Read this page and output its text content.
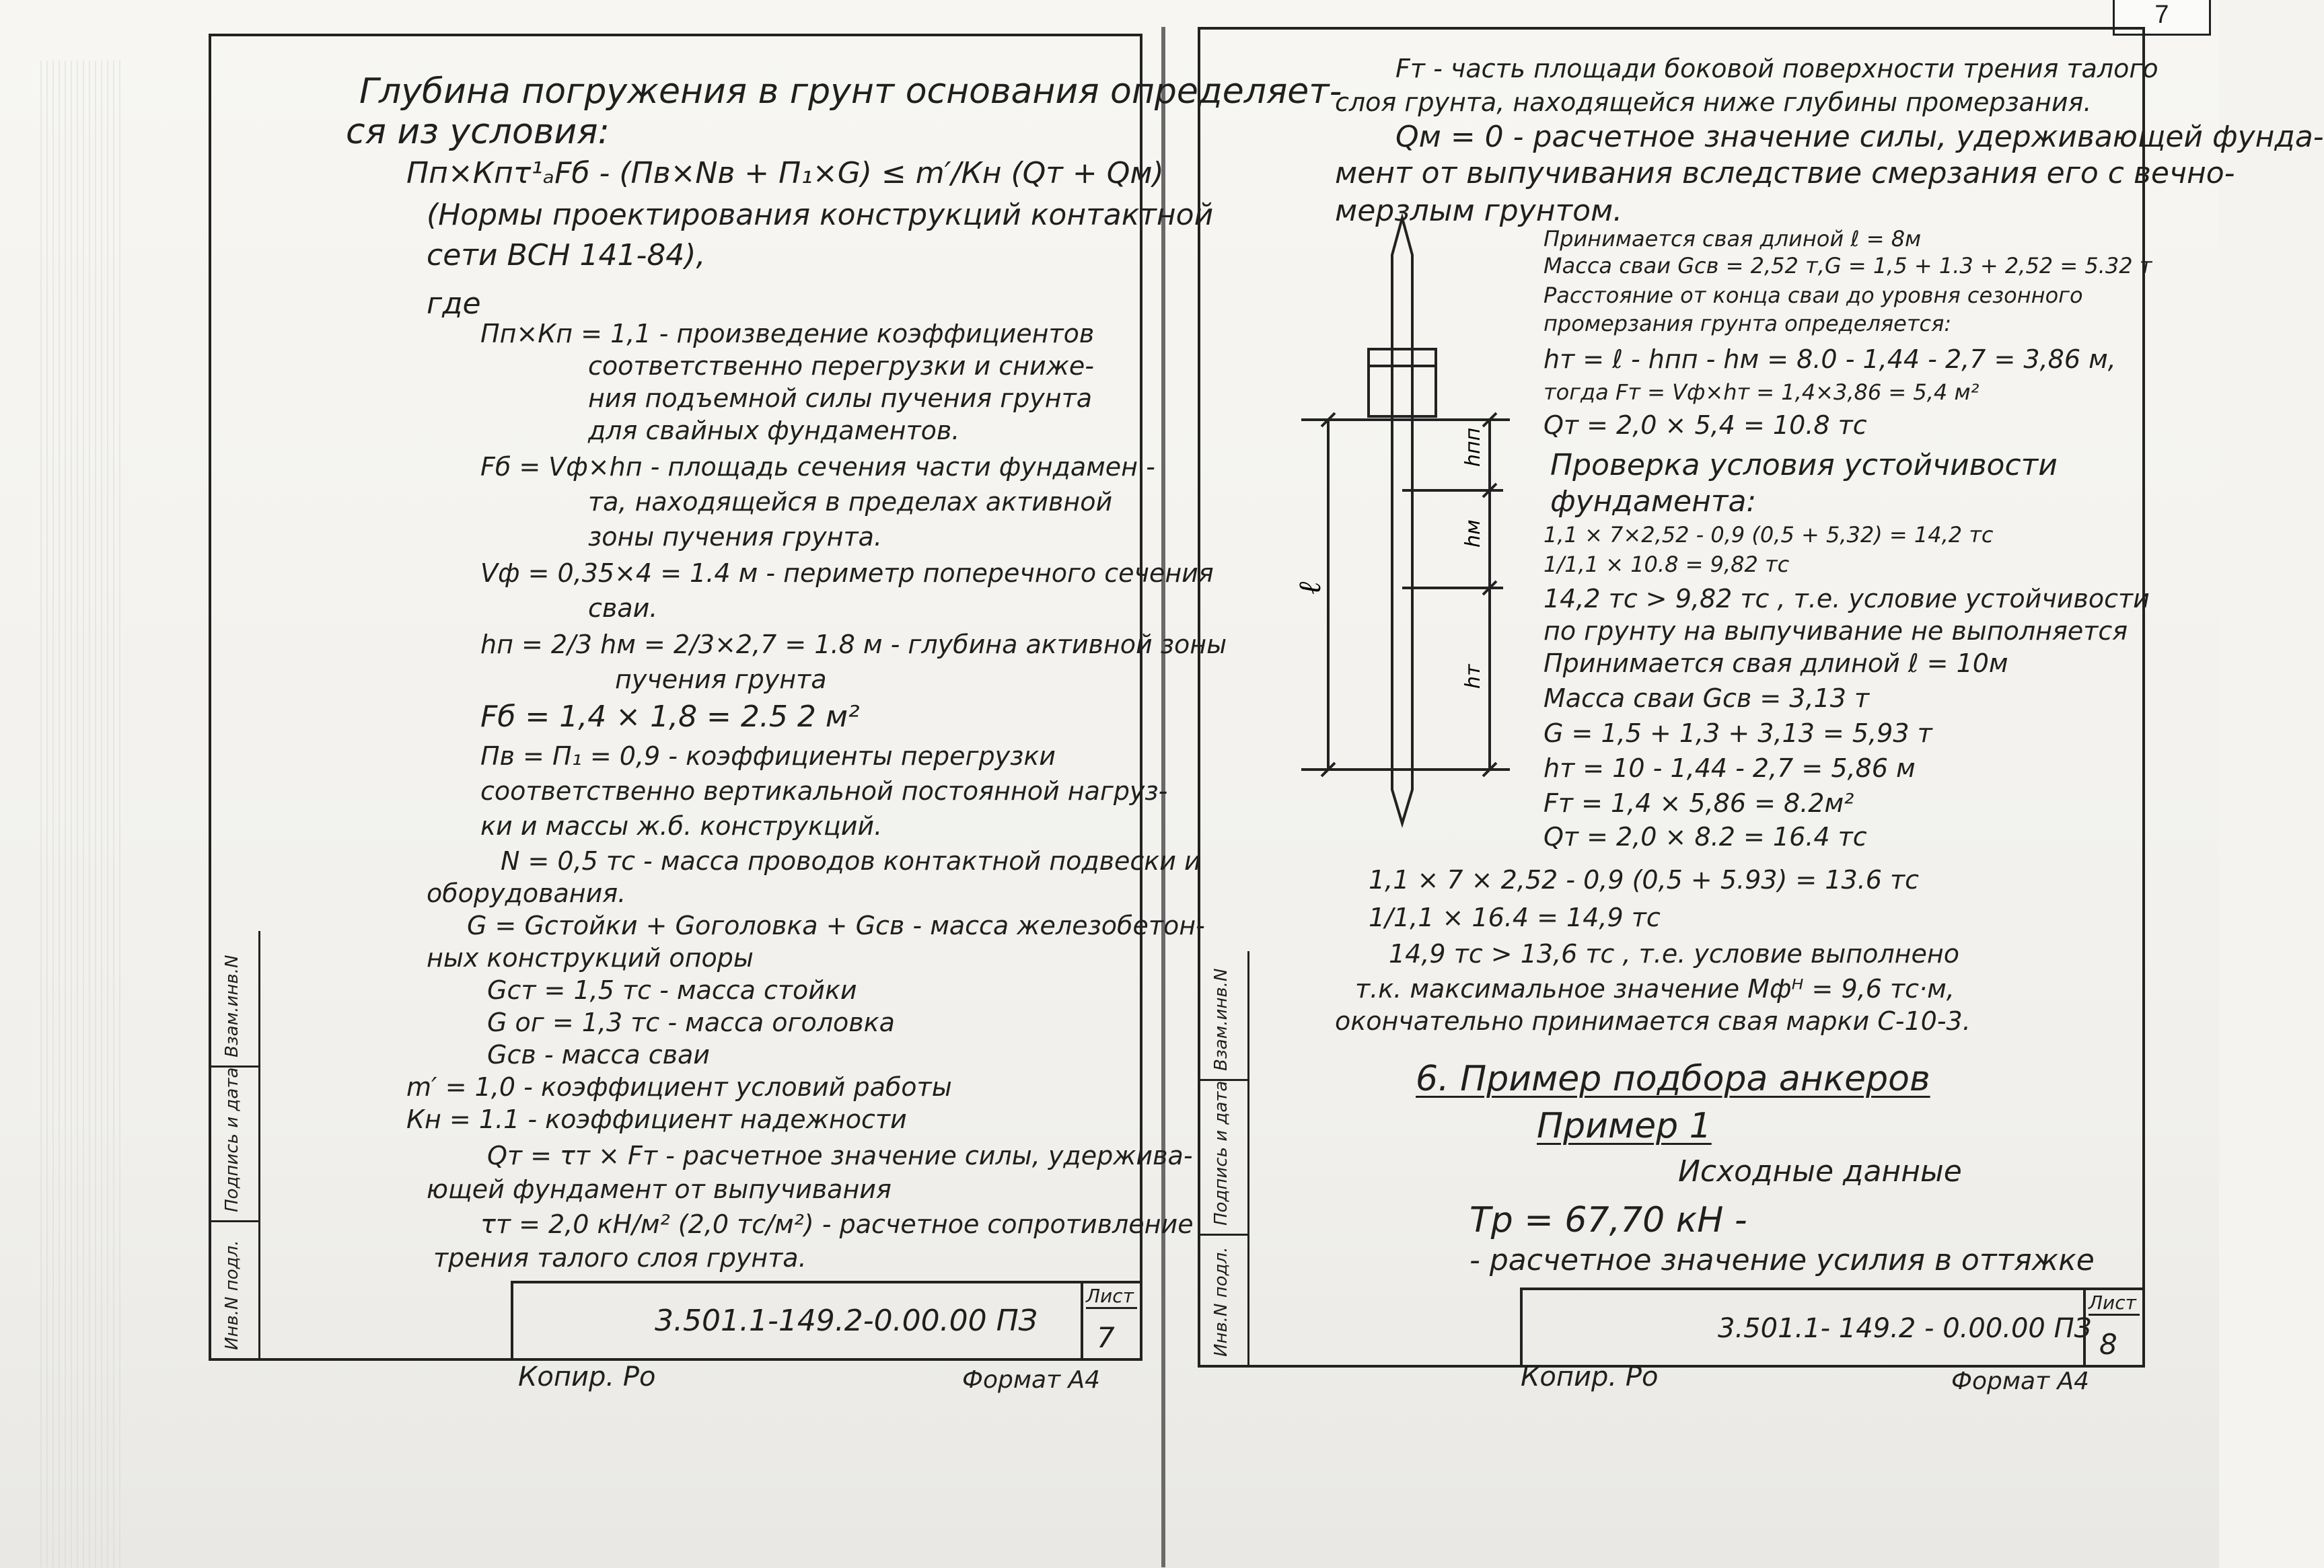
7
Взам.инв.N
Подпись и дата
Инв.N подл.
Глубина погружения в грунт основания определяет-
ся из условия:
Пп×Кпτ¹ₐFб - (Пв×Nв + П₁×G) ≤ m′/Кн (Qт + Qм)
(Нормы проектирования конструкций контактной
сети ВСН 141-84),
где
Пп×Кп = 1,1 - произведение коэффициентов
соответственно перегрузки и сниже-
ния подъемной силы пучения грунта
для свайных фундаментов.
Fб = Vф×hп - площадь сечения части фундамен -
та, находящейся в пределах активной
зоны пучения грунта.
Vф = 0,35×4 = 1.4 м - периметр поперечного сечения
сваи.
hп = 2/3 hм = 2/3×2,7 = 1.8 м - глубина активной зоны
пучения грунта
Fб = 1,4 × 1,8 = 2.5 2 м²
Пв = П₁ = 0,9 - коэффициенты перегрузки
соответственно вертикальной постоянной нагруз-
ки и массы ж.б. конструкций.
N = 0,5 тс - масса проводов контактной подвески и
оборудования.
G = Gстойки + Gоголовка + Gсв - масса железобетон-
ных конструкций опоры
Gст = 1,5 тс - масса стойки
G ог = 1,3 тс - масса оголовка
Gсв - масса сваи
m′ = 1,0 - коэффициент условий работы
Кн = 1.1 - коэффициент надежности
Qт = τт × Fт - расчетное значение силы, удержива-
ющей фундамент от выпучивания
τт = 2,0 кН/м² (2,0 тс/м²) - расчетное сопротивление
трения талого слоя грунта.
3.501.1-149.2-0.00.00 ПЗ
Лист
7
Копир. Ро	Формат А4
Взам.инв.N
Подпись и дата
Инв.N подл.
Fт - часть площади боковой поверхности трения талого
слоя грунта, находящейся ниже глубины промерзания.
Qм = 0 - расчетное значение силы, удерживающей фунда-
мент от выпучивания вследствие смерзания его с вечно-
мерзлым грунтом.
Принимается свая длиной ℓ = 8м
Масса сваи Gсв = 2,52 т,G = 1,5 + 1.3 + 2,52 = 5.32 т
Расстояние от конца сваи до уровня сезонного
промерзания грунта определяется:
hт = ℓ - hпп - hм = 8.0 - 1,44 - 2,7 = 3,86 м,
тогда Fт = Vф×hт = 1,4×3,86 = 5,4 м²
Qт = 2,0 × 5,4 = 10.8 тс
Проверка условия устойчивости
фундамента:
1,1 × 7×2,52 - 0,9 (0,5 + 5,32) = 14,2 тс
1/1,1 × 10.8 = 9,82 тс
14,2 тс > 9,82 тс , т.е. условие устойчивости
по грунту на выпучивание не выполняется
Принимается свая длиной ℓ = 10м
Масса сваи Gсв = 3,13 т
G = 1,5 + 1,3 + 3,13 = 5,93 т
hт = 10 - 1,44 - 2,7 = 5,86 м
Fт = 1,4 × 5,86 = 8.2м²
Qт = 2,0 × 8.2 = 16.4 тс
1,1 × 7 × 2,52 - 0,9 (0,5 + 5.93) = 13.6 тс
1/1,1 × 16.4 = 14,9 тс
14,9 тс > 13,6 тс , т.е. условие выполнено
т.к. максимальное значение Mфᴴ = 9,6 тс·м,
окончательно принимается свая марки С-10-3.
6. Пример подбора анкеров
Пример 1
Исходные данные
Тр = 67,70 кН -
- расчетное значение усилия в оттяжке
ℓ
hпп
hм
hт
3.501.1- 149.2 - 0.00.00 ПЗ
Лист
8
Копир. Ро	Формат А4
